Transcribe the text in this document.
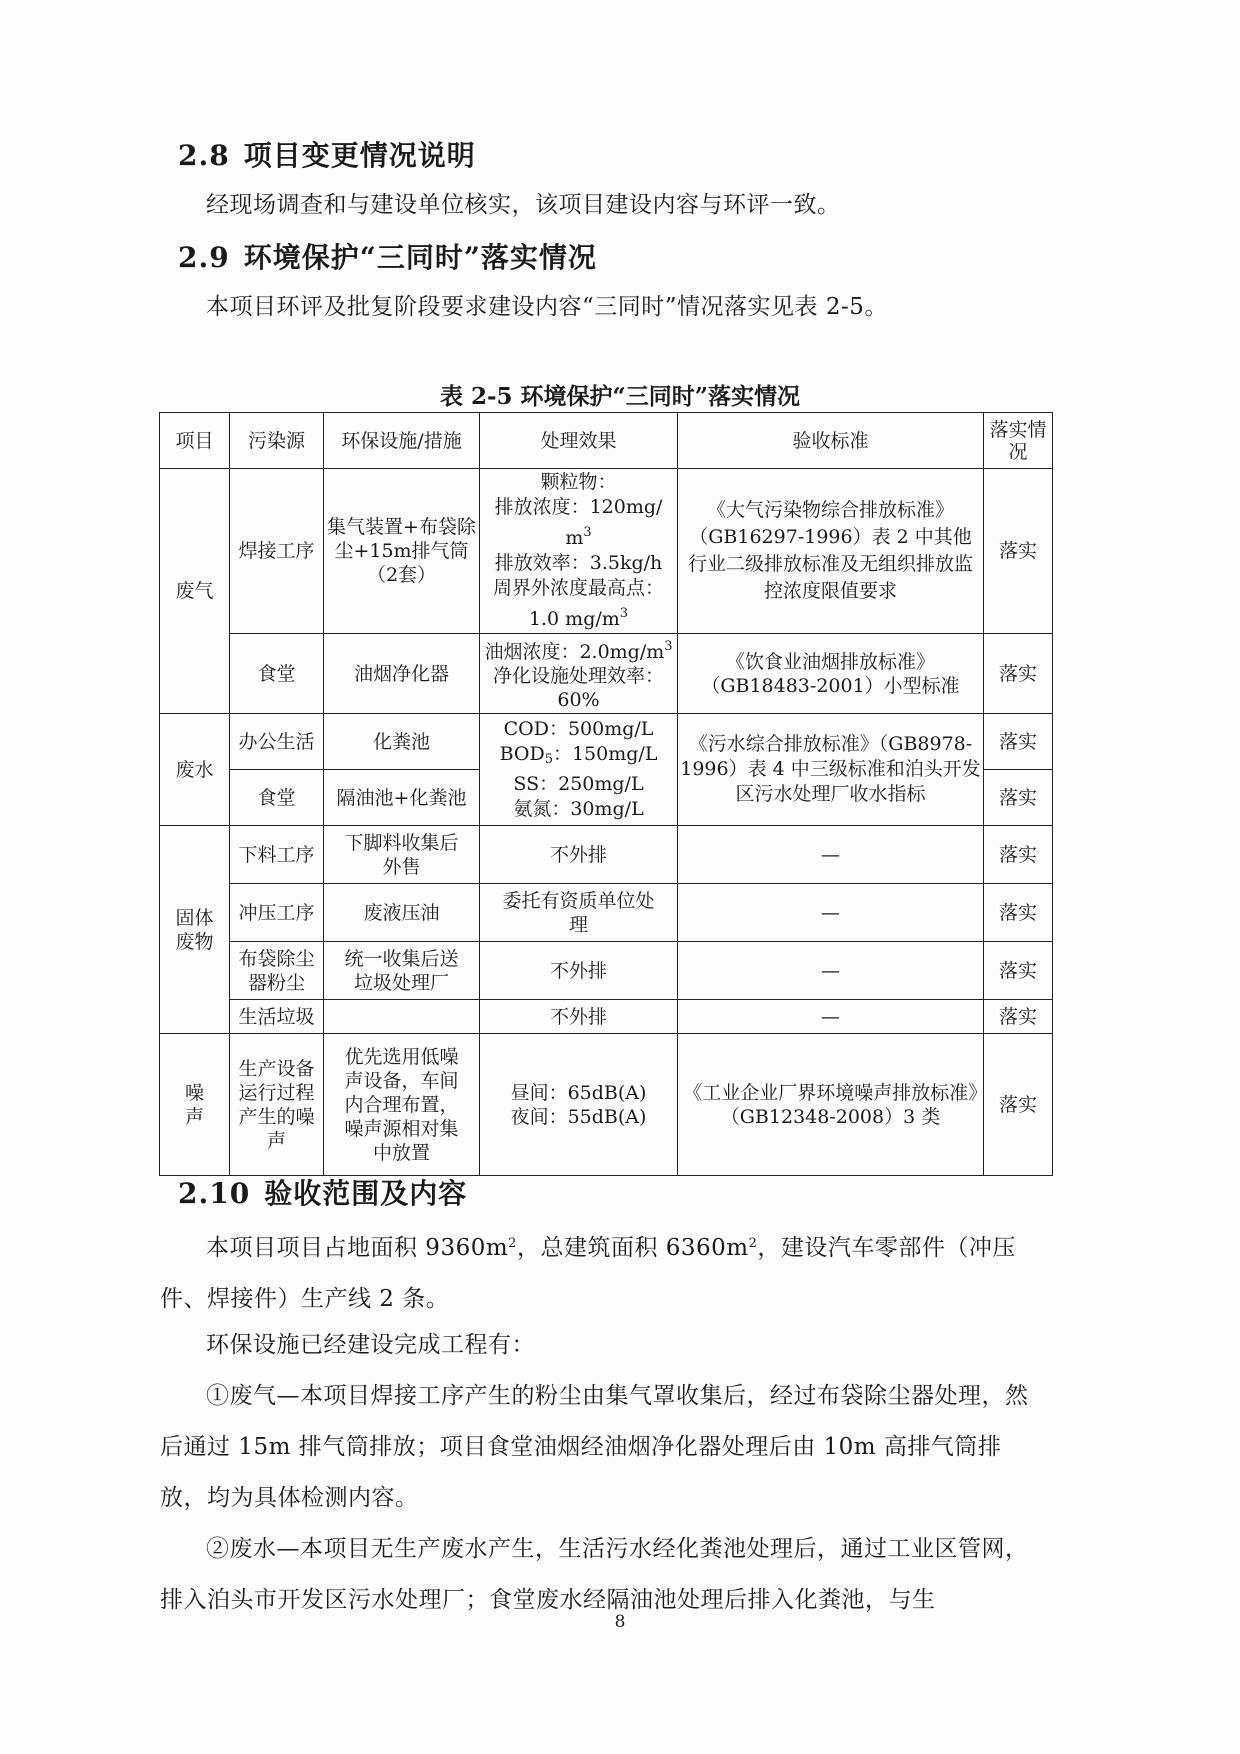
2.8 项目变更情况说明
经现场调查和与建设单位核实，该项目建设内容与环评一致。
2.9 环境保护“三同时”落实情况
本项目环评及批复阶段要求建设内容“三同时”情况落实见表 2-5。
表 2-5 环境保护“三同时”落实情况
项目	污染源	环保设施/措施	处理效果	验收标准	落实情况
废气	焊接工序	集气装置+布袋除尘+15m排气筒（2套）	颗粒物：
排放浓度：120mg/ $m^3$
排放效率：3.5kg/h
周界外浓度最高点：
1.0 $mg/m^3$	《大气污染物综合排放标准》（GB16297-1996）表 2 中其他行业二级排放标准及无组织排放监控浓度限值要求	落实
	食堂	油烟净化器	油烟浓度：$2.0mg/m^3$
净化设施处理效率：60%	《饮食业油烟排放标准》（GB18483-2001）小型标准	落实
废水	办公生活	化粪池	COD：500mg/L
$BOD_5$：150mg/L
SS：250mg/L
氨氮：30mg/L	《污水综合排放标准》（GB8978-1996）表 4 中三级标准和泊头开发区污水处理厂收水指标	落实
	食堂	隔油池+化粪池			落实
固体废物	下料工序	下脚料收集后外售	不外排	—	落实
	冲压工序	废液压油	委托有资质单位处理	—	落实
	布袋除尘器粉尘	统一收集后送垃圾处理厂	不外排	—	落实
	生活垃圾		不外排	—	落实
噪声	生产设备运行过程产生的噪声	优先选用低噪声设备，车间内合理布置，噪声源相对集中放置	昼间：65dB(A)
夜间：55dB(A)	《工业企业厂界环境噪声排放标准》（GB12348-2008）3 类	落实
2.10 验收范围及内容
本项目项目占地面积 $9360m^2$，总建筑面积 $6360m^2$，建设汽车零部件（冲压件、焊接件）生产线 2 条。
环保设施已经建设完成工程有：
①废气—本项目焊接工序产生的粉尘由集气罩收集后，经过布袋除尘器处理，然后通过 15m 排气筒排放；项目食堂油烟经油烟净化器处理后由 10m 高排气筒排放，均为具体检测内容。
②废水—本项目无生产废水产生，生活污水经化粪池处理后，通过工业区管网，排入泊头市开发区污水处理厂；食堂废水经隔油池处理后排入化粪池，与生
8
